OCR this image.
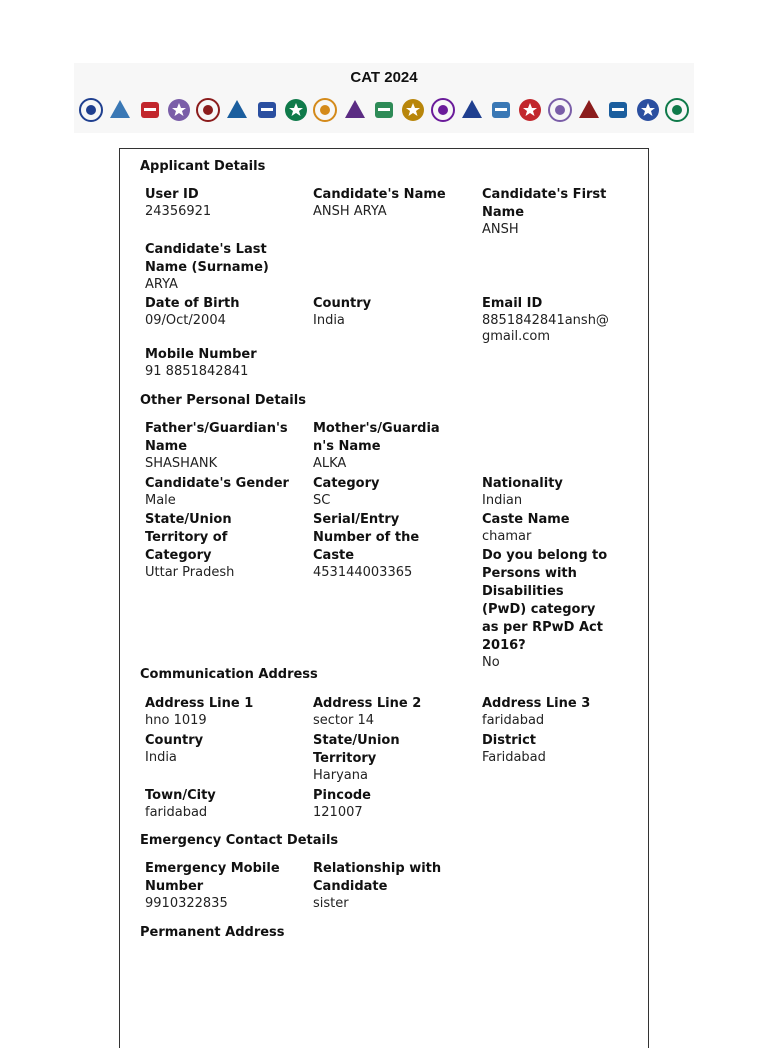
CAT 2024
Applicant Details
User ID
24356921
Candidate's Name
ANSH ARYA
Candidate's First Name
ANSH
Candidate's Last Name (Surname)
ARYA
Date of Birth
09/Oct/2004
Country
India
Email ID
8851842841ansh@gmail.com
Mobile Number
91 8851842841
Other Personal Details
Father's/Guardian's Name
SHASHANK
Mother's/Guardian's Name
ALKA
Candidate's Gender
Male
Category
SC
Nationality
Indian
State/Union Territory of Category
Uttar Pradesh
Serial/Entry Number of the Caste
453144003365
Caste Name
chamar
Do you belong to Persons with Disabilities (PwD) category as per RPwD Act 2016?
No
Communication Address
Address Line 1
hno 1019
Address Line 2
sector 14
Address Line 3
faridabad
Country
India
State/Union Territory
Haryana
District
Faridabad
Town/City
faridabad
Pincode
121007
Emergency Contact Details
Emergency Mobile Number
9910322835
Relationship with Candidate
sister
Permanent Address
